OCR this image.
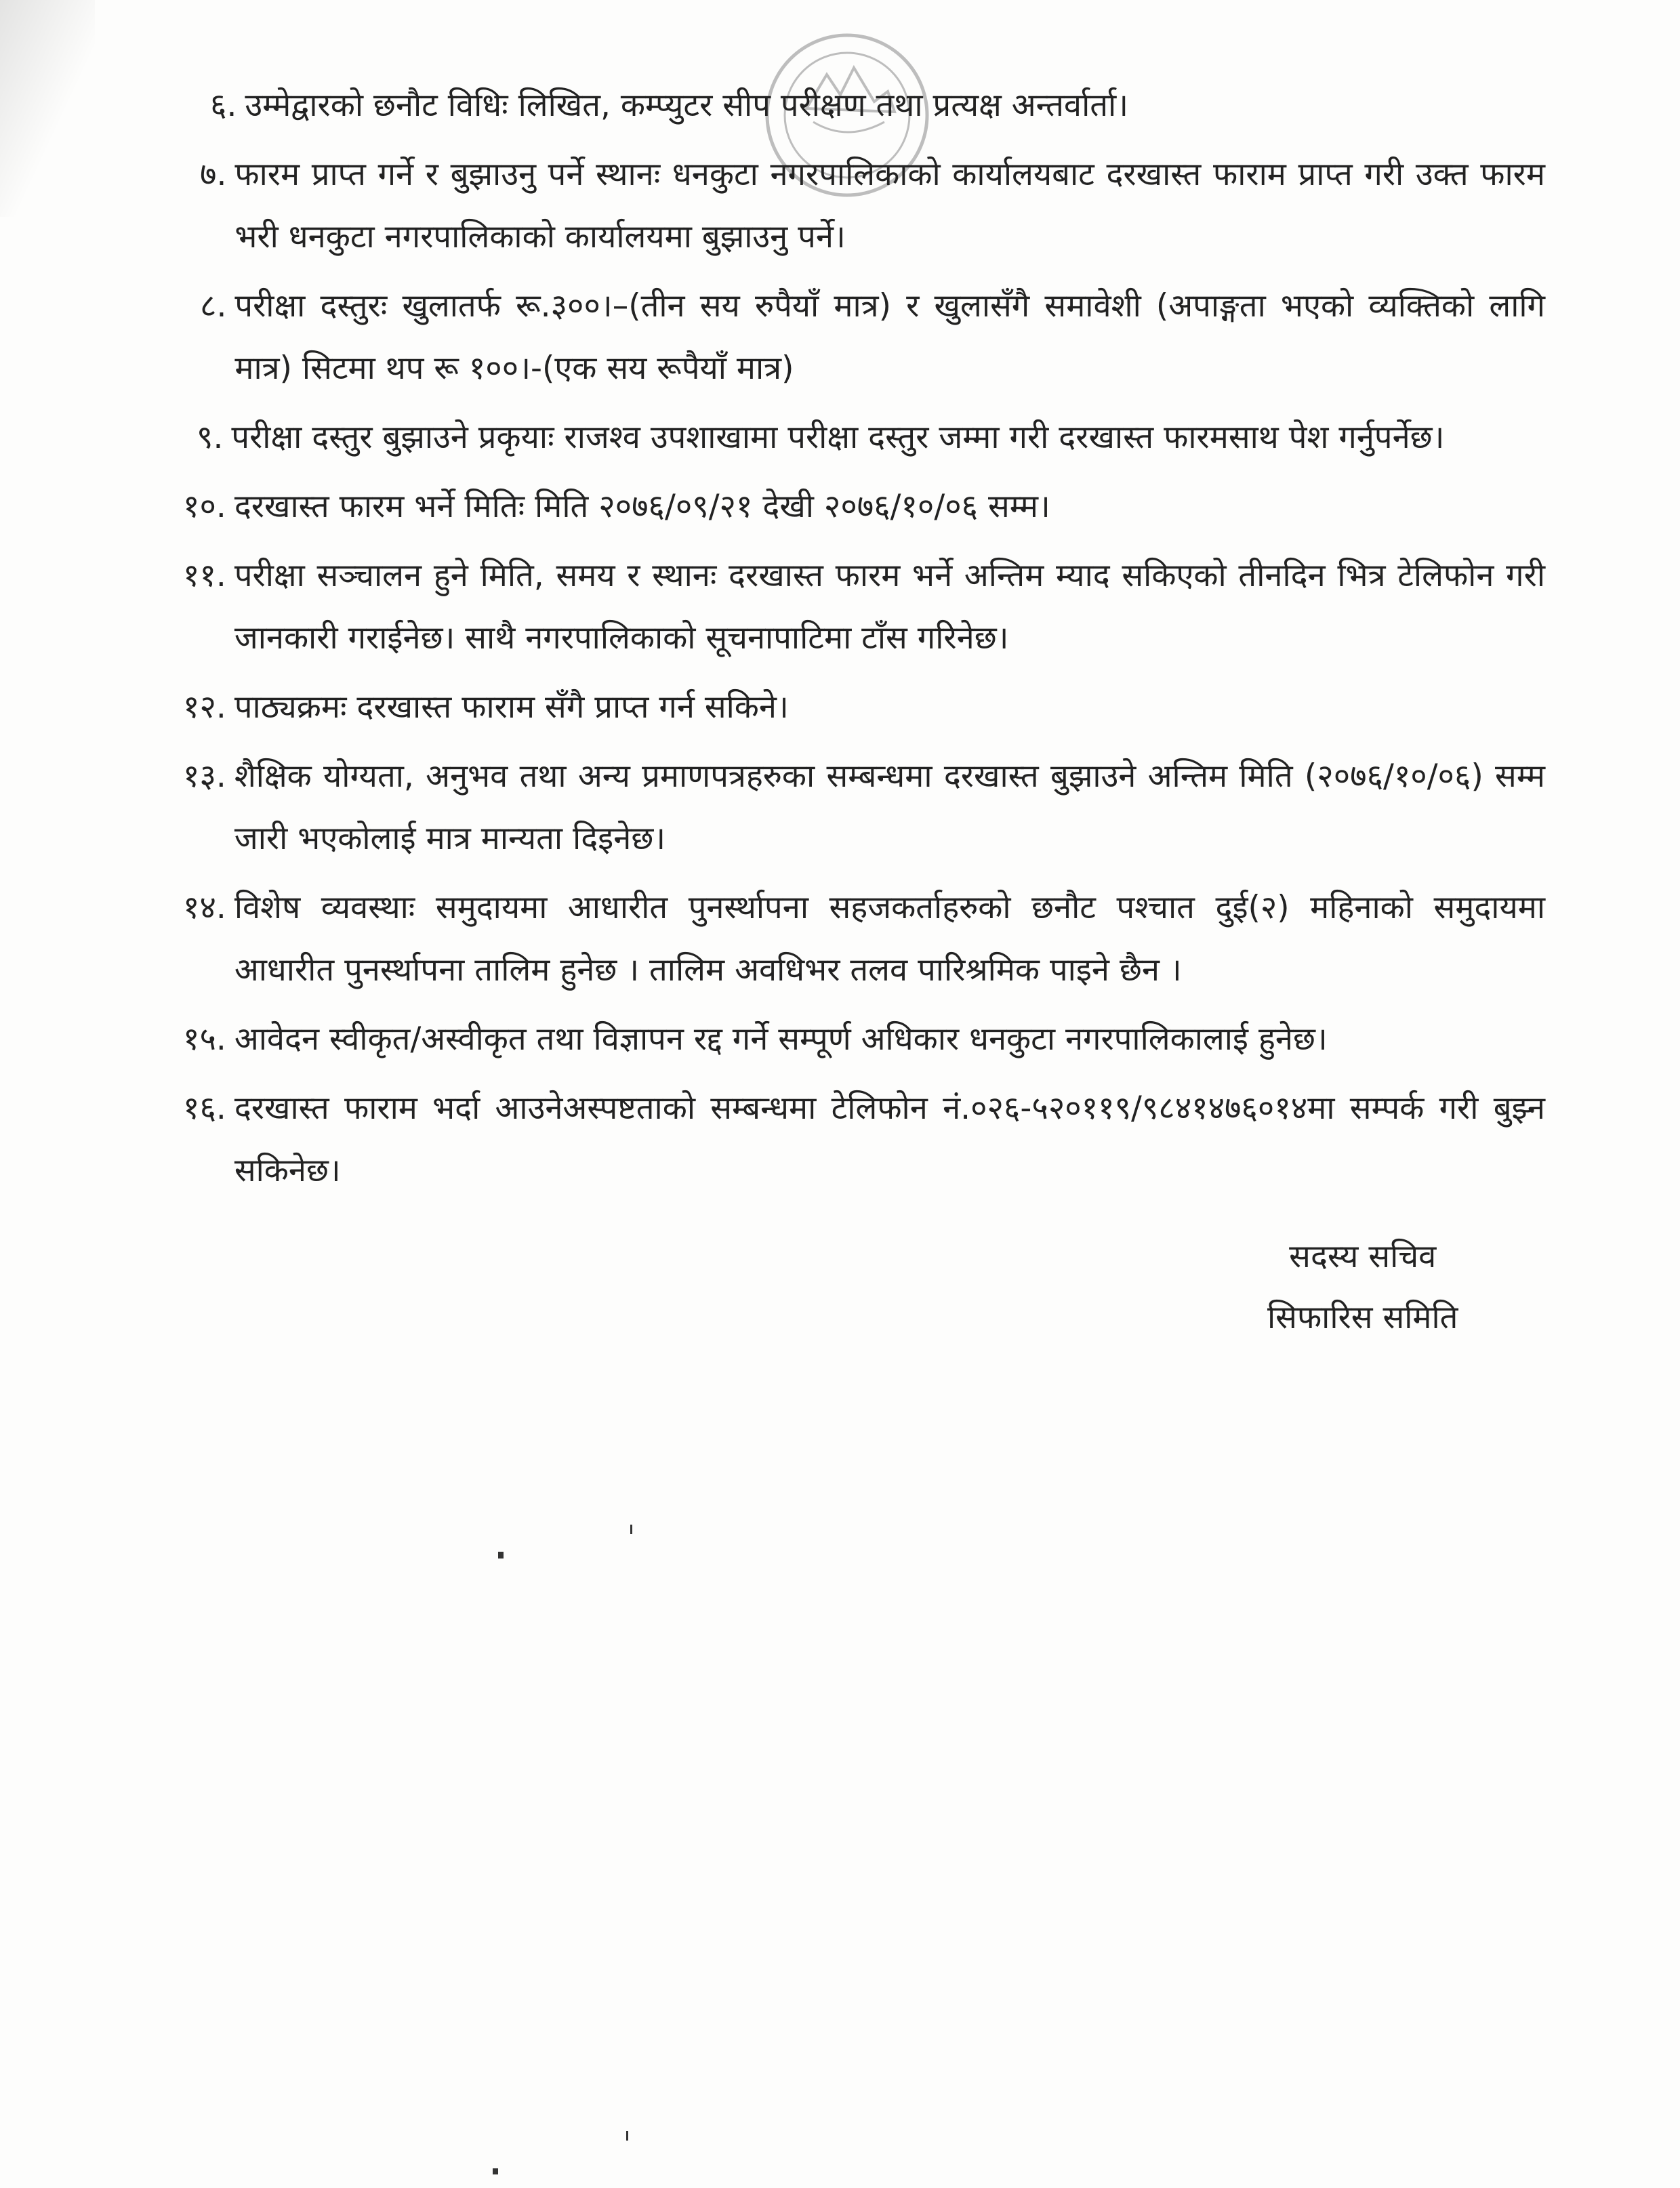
६. उम्मेद्वारको छनौट विधिः लिखित, कम्प्युटर सीप परीक्षण तथा प्रत्यक्ष अन्तर्वार्ता।
७. फारम प्राप्त गर्ने र बुझाउनु पर्ने स्थानः धनकुटा नगरपालिकाको कार्यालयबाट दरखास्त फाराम प्राप्त गरी उक्त फारम भरी धनकुटा नगरपालिकाको कार्यालयमा बुझाउनु पर्ने।
८. परीक्षा दस्तुरः खुलातर्फ रू.३००।–(तीन सय रुपैयाँ मात्र) र खुलासँगै समावेशी (अपाङ्गता भएको व्यक्तिको लागि मात्र) सिटमा थप रू १००।-(एक सय रूपैयाँ मात्र)
९. परीक्षा दस्तुर बुझाउने प्रकृयाः राजश्व उपशाखामा परीक्षा दस्तुर जम्मा गरी दरखास्त फारमसाथ पेश गर्नुपर्नेछ।
१०. दरखास्त फारम भर्ने मितिः मिति २०७६/०९/२१ देखी २०७६/१०/०६ सम्म।
११. परीक्षा सञ्चालन हुने मिति, समय र स्थानः दरखास्त फारम भर्ने अन्तिम म्याद सकिएको तीनदिन भित्र टेलिफोन गरी जानकारी गराईनेछ। साथै नगरपालिकाको सूचनापाटिमा टाँस गरिनेछ।
१२. पाठ्यक्रमः दरखास्त फाराम सँगै प्राप्त गर्न सकिने।
१३. शैक्षिक योग्यता, अनुभव तथा अन्य प्रमाणपत्रहरुका सम्बन्धमा दरखास्त बुझाउने अन्तिम मिति (२०७६/१०/०६) सम्म जारी भएकोलाई मात्र मान्यता दिइनेछ।
१४. विशेष व्यवस्थाः समुदायमा आधारीत पुनर्स्थापना सहजकर्ताहरुको छनौट पश्चात दुई(२) महिनाको समुदायमा आधारीत पुनर्स्थापना तालिम हुनेछ । तालिम अवधिभर तलव पारिश्रमिक पाइने छैन ।
१५. आवेदन स्वीकृत/अस्वीकृत तथा विज्ञापन रद्द गर्ने सम्पूर्ण अधिकार धनकुटा नगरपालिकालाई हुनेछ।
१६. दरखास्त फाराम भर्दा आउनेअस्पष्टताको सम्बन्धमा टेलिफोन नं.०२६-५२०११९/९८४१४७६०१४मा सम्पर्क गरी बुझ्न सकिनेछ।
सदस्य सचिव
सिफारिस समिति
